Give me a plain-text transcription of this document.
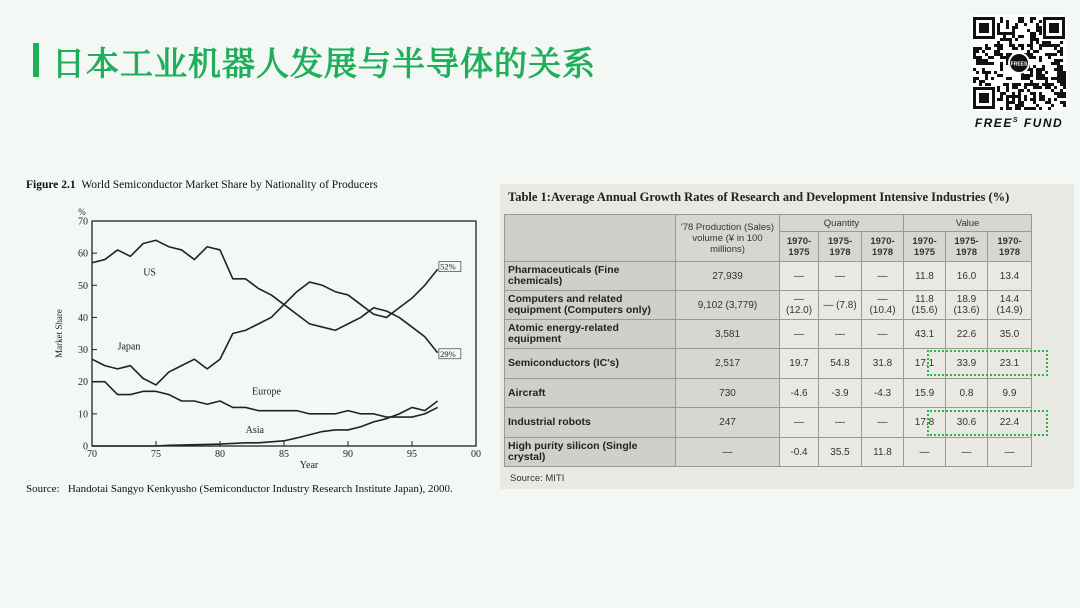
日本工业机器人发展与半导体的关系	FREES
$FREE^S$ FUND
Figure 2.1 World Semiconductor Market Share by Nationality of Producers
0
10
20
30
40
50
60
70
70	75	80	85	90	95	00
Year
%
Market Share
US
Japan
Europe
Asia
52%
29%
Source: Handotai Sangyo Kenkyusho (Semiconductor Industry Research Institute Japan), 2000.
Table 1:Average Annual Growth Rates of Research and Development Intensive Industries (%)
	'78 Production (Sales) volume (¥ in 100 millions)	Quantity			Value		
		1970-1975	1975-1978	1970-1978	1970-1975	1975-1978	1970-1978
Pharmaceuticals (Fine chemicals)	27,939	—	—	—	11.8	16.0	13.4
Computers and related equipment (Computers only)	9,102 (3,779)	— (12.0)	— (7.8)	— (10.4)	11.8 (15.6)	18.9 (13.6)	14.4 (14.9)
Atomic energy-related equipment	3,581	—	—	—	43.1	22.6	35.0
Semiconductors (IC's)	2,517	19.7	54.8	31.8	17.1	33.9	23.1
Aircraft	730	-4.6	-3.9	-4.3	15.9	0.8	9.9
Industrial robots	247	—	—	—	17.8	30.6	22.4
High purity silicon (Single crystal)	—	-0.4	35.5	11.8	—	—	—
Source: MITI
